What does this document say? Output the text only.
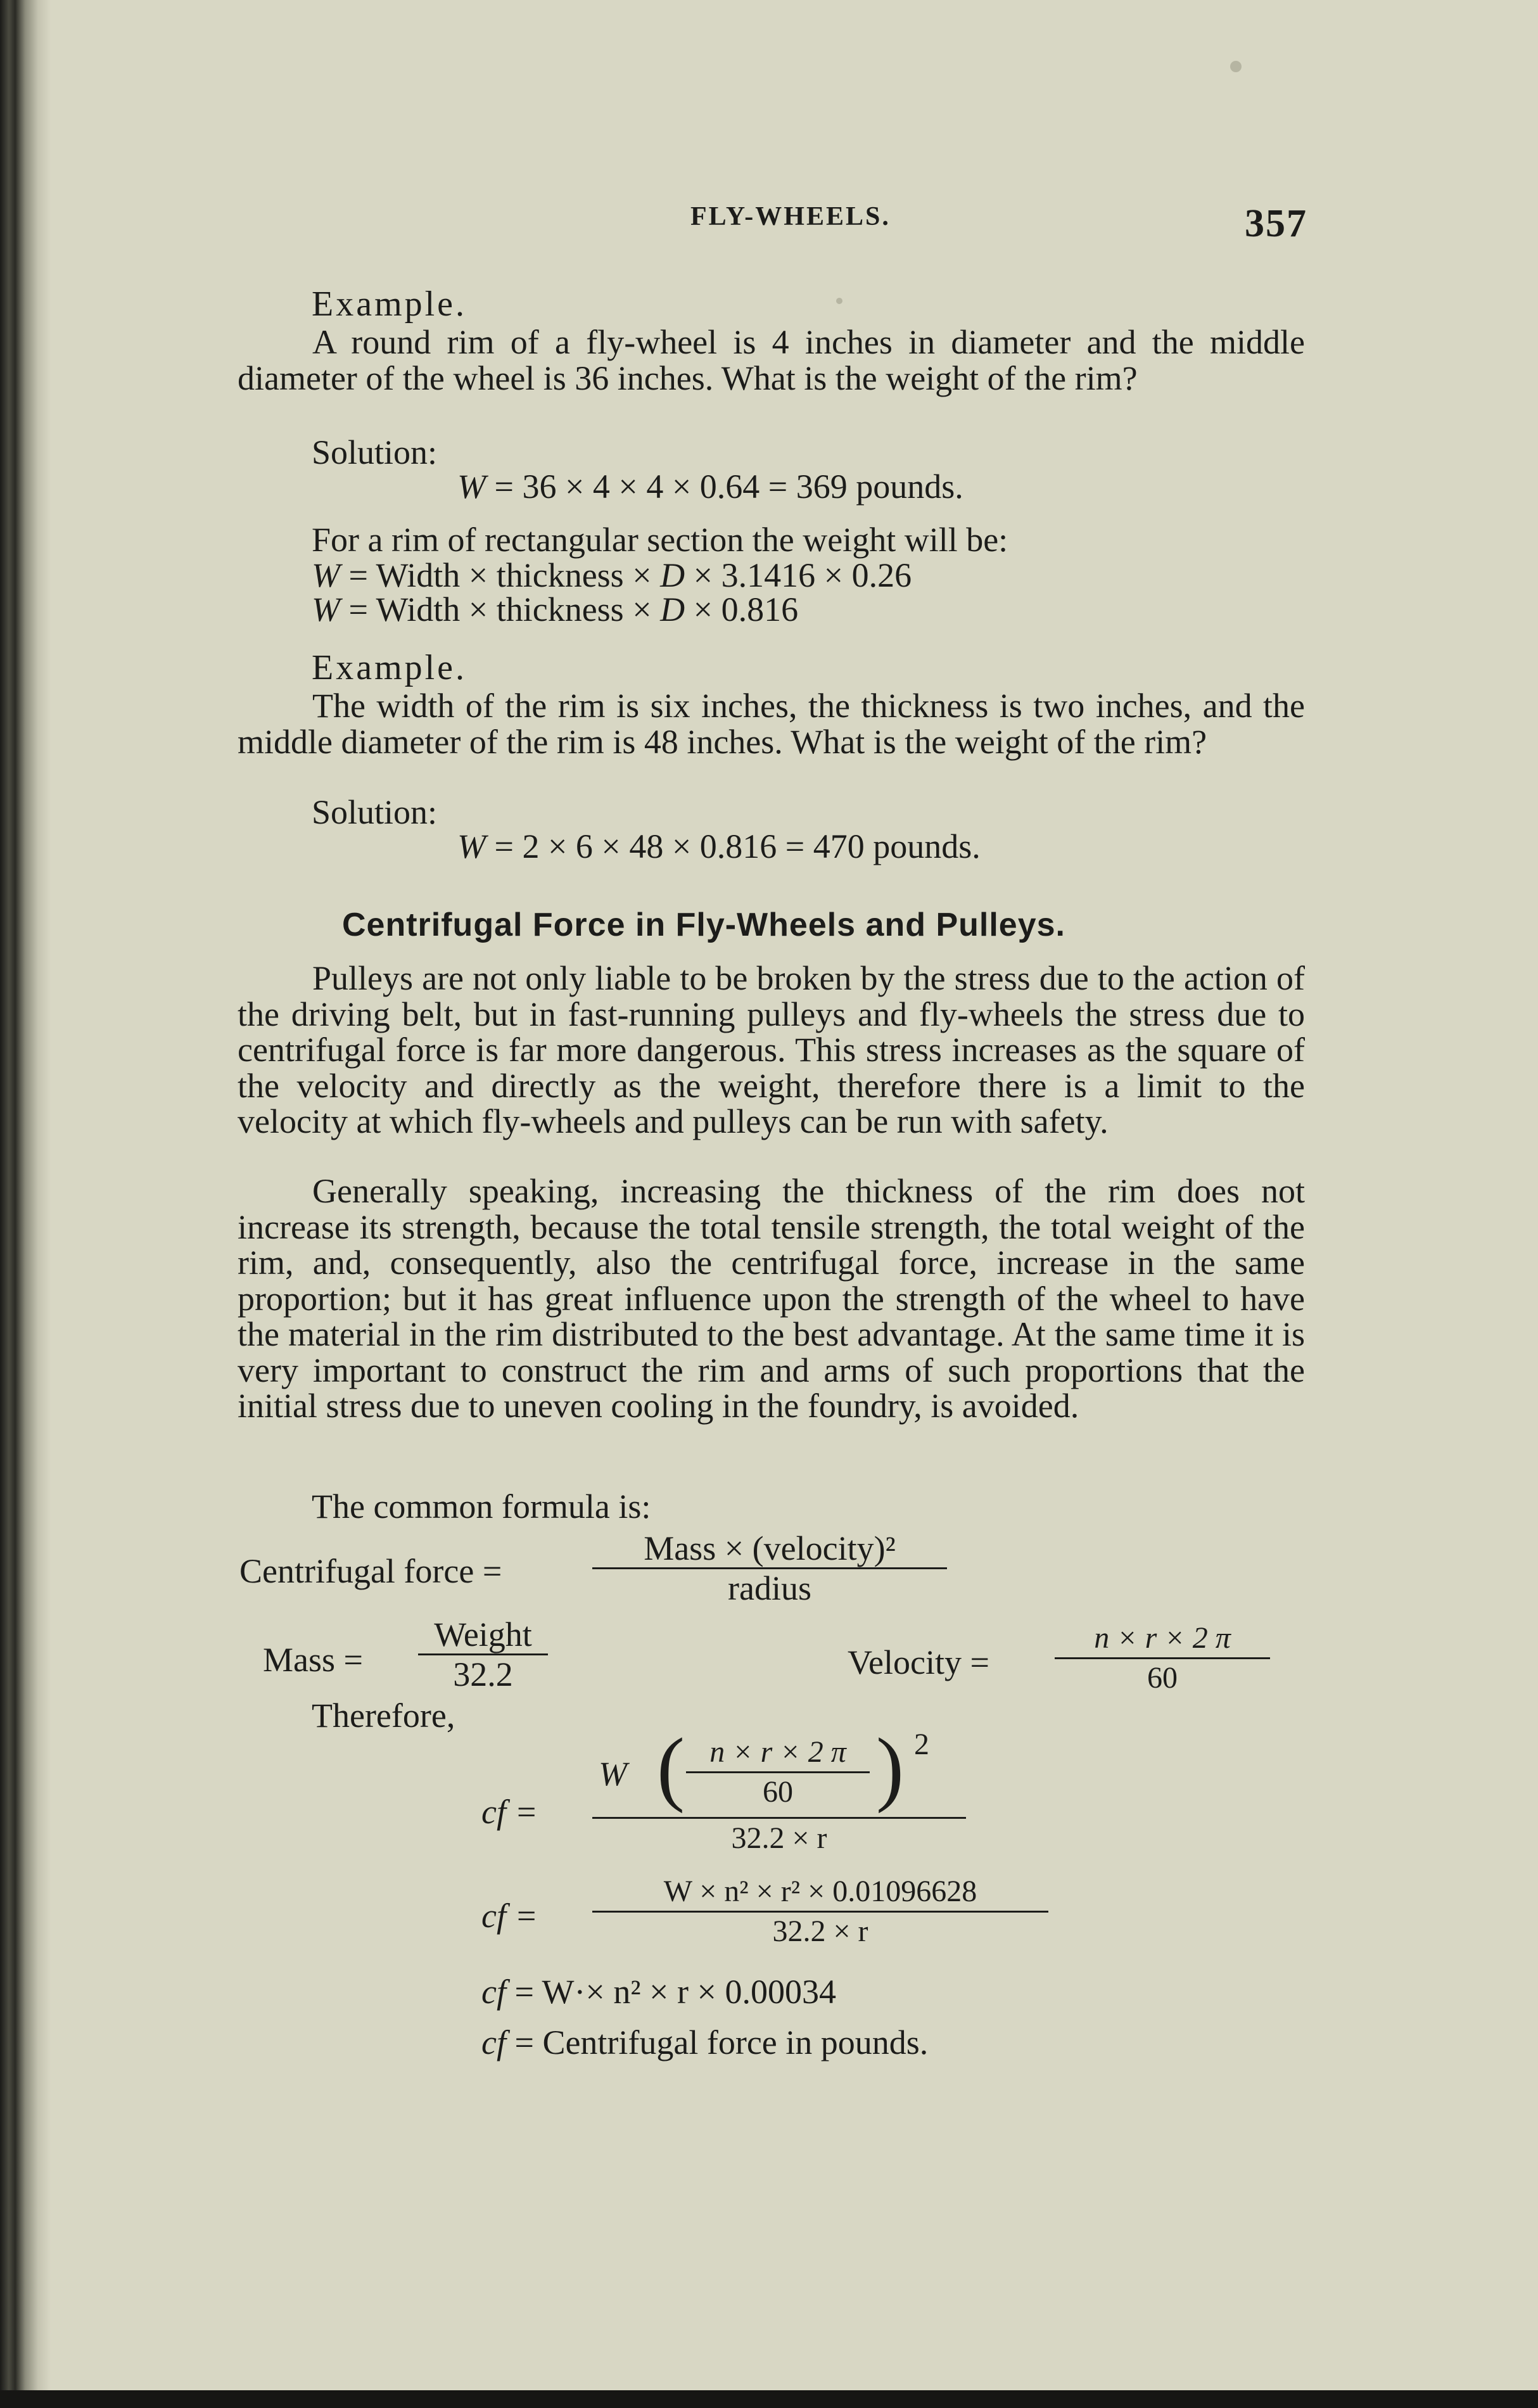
FLY-WHEELS.	357
Example.
A round rim of a fly-wheel is 4 inches in diameter and the middle diameter of the wheel is 36 inches. What is the weight of the rim?
Solution:
W = 36 × 4 × 4 × 0.64 = 369 pounds.
For a rim of rectangular section the weight will be:
W = Width × thickness × D × 3.1416 × 0.26
W = Width × thickness × D × 0.816
Example.
The width of the rim is six inches, the thickness is two inches, and the middle diameter of the rim is 48 inches. What is the weight of the rim?
Solution:
W = 2 × 6 × 48 × 0.816 = 470 pounds.
Centrifugal Force in Fly-Wheels and Pulleys.
Pulleys are not only liable to be broken by the stress due to the action of the driving belt, but in fast-running pulleys and fly-wheels the stress due to centrifugal force is far more dangerous. This stress increases as the square of the velocity and directly as the weight, therefore there is a limit to the velocity at which fly-wheels and pulleys can be run with safety.
Generally speaking, increasing the thickness of the rim does not increase its strength, because the total tensile strength, the total weight of the rim, and, consequently, also the centrifugal force, increase in the same proportion; but it has great influence upon the strength of the wheel to have the material in the rim distributed to the best advantage. At the same time it is very important to construct the rim and arms of such proportions that the initial stress due to uneven cooling in the foundry, is avoided.
The common formula is:
Centrifugal force =
Mass × (velocity)²
radius
Mass =
Weight
32.2	Velocity =
n × r × 2 π
60
Therefore,
cf =
W ( n × r × 2 π
60 ) 2
32.2 × r
cf =
W × n² × r² × 0.01096628
32.2 × r
cf = W·× n² × r × 0.00034
cf = Centrifugal force in pounds.
